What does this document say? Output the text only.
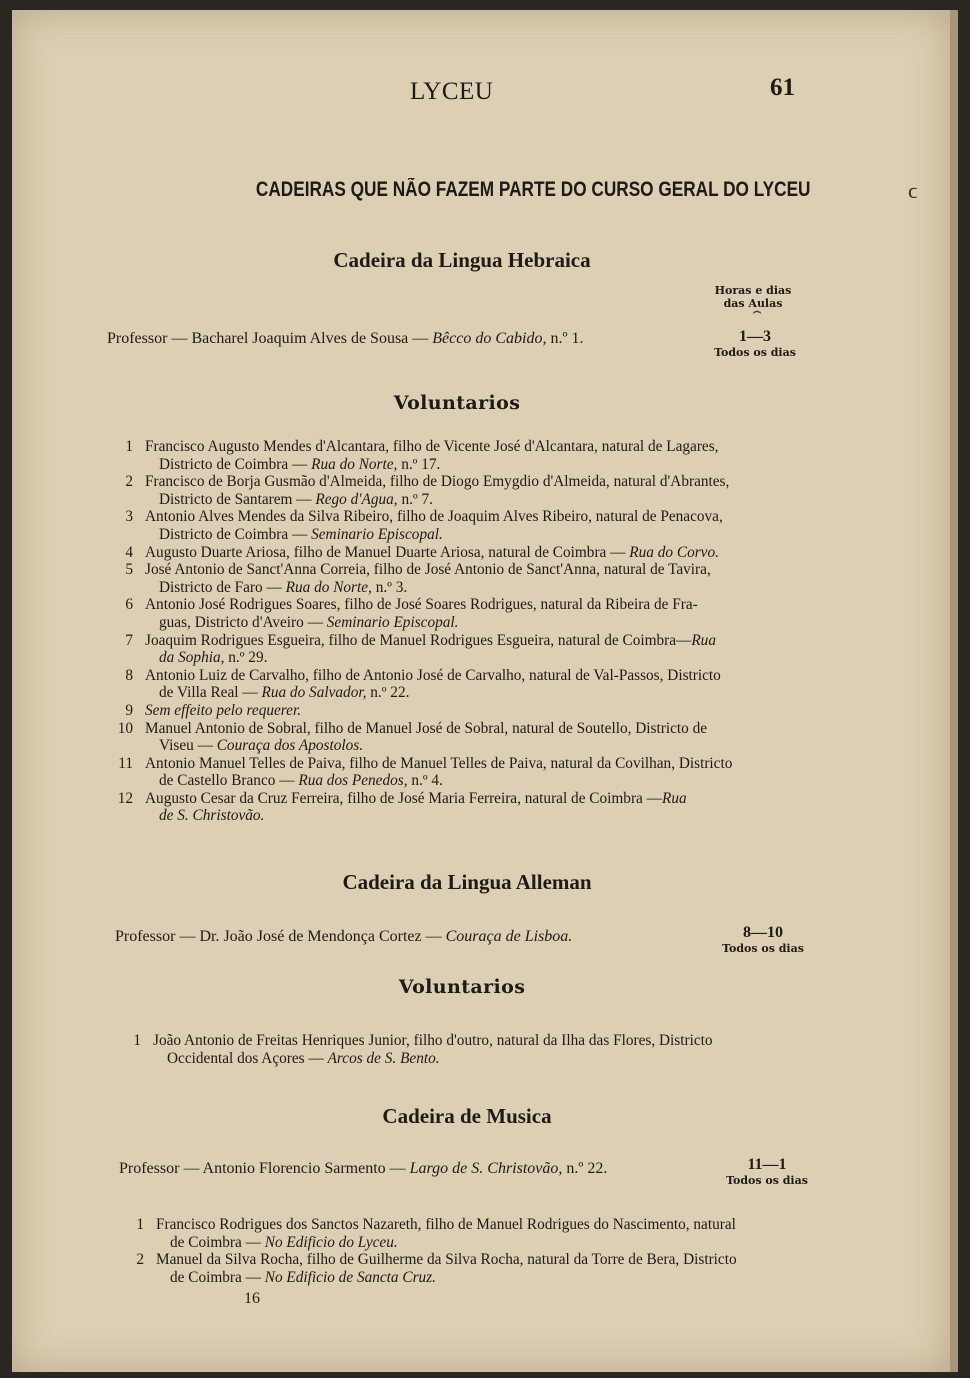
LYCEU	61
ϲ
CADEIRAS QUE NÃO FAZEM PARTE DO CURSO GERAL DO LYCEU
Cadeira da Lingua Hebraica
Horas e dias
das Aulas
⏞
Professor — Bacharel Joaquim Alves de Sousa — Bêcco do Cabido, n.º 1.	1—3
Todos os dias
Voluntarios
1 Francisco Augusto Mendes d'Alcantara, filho de Vicente José d'Alcantara, natural de Lagares,
Districto de Coimbra — Rua do Norte, n.º 17.
2 Francisco de Borja Gusmão d'Almeida, filho de Diogo Emygdio d'Almeida, natural d'Abrantes,
Districto de Santarem — Rego d'Agua, n.º 7.
3 Antonio Alves Mendes da Silva Ribeiro, filho de Joaquim Alves Ribeiro, natural de Penacova,
Districto de Coimbra — Seminario Episcopal.
4 Augusto Duarte Ariosa, filho de Manuel Duarte Ariosa, natural de Coimbra — Rua do Corvo.
5 José Antonio de Sanct'Anna Correia, filho de José Antonio de Sanct'Anna, natural de Tavira,
Districto de Faro — Rua do Norte, n.º 3.
6 Antonio José Rodrigues Soares, filho de José Soares Rodrigues, natural da Ribeira de Fra-
guas, Districto d'Aveiro — Seminario Episcopal.
7 Joaquim Rodrigues Esgueira, filho de Manuel Rodrigues Esgueira, natural de Coimbra—Rua
da Sophia, n.º 29.
8 Antonio Luiz de Carvalho, filho de Antonio José de Carvalho, natural de Val-Passos, Districto
de Villa Real — Rua do Salvador, n.º 22.
9 Sem effeito pelo requerer.
10 Manuel Antonio de Sobral, filho de Manuel José de Sobral, natural de Soutello, Districto de
Viseu — Couraça dos Apostolos.
11 Antonio Manuel Telles de Paiva, filho de Manuel Telles de Paiva, natural da Covilhan, Districto
de Castello Branco — Rua dos Penedos, n.º 4.
12 Augusto Cesar da Cruz Ferreira, filho de José Maria Ferreira, natural de Coimbra —Rua
de S. Christovão.
Cadeira da Lingua Alleman
Professor — Dr. João José de Mendonça Cortez — Couraça de Lisboa.	8—10
Todos os dias
Voluntarios
1 João Antonio de Freitas Henriques Junior, filho d'outro, natural da Ilha das Flores, Districto
Occidental dos Açores — Arcos de S. Bento.
Cadeira de Musica
Professor — Antonio Florencio Sarmento — Largo de S. Christovão, n.º 22.	11—1
Todos os dias
1 Francisco Rodrigues dos Sanctos Nazareth, filho de Manuel Rodrigues do Nascimento, natural
de Coimbra — No Edificio do Lyceu.
2 Manuel da Silva Rocha, filho de Guilherme da Silva Rocha, natural da Torre de Bera, Districto
de Coimbra — No Edificio de Sancta Cruz.
16
